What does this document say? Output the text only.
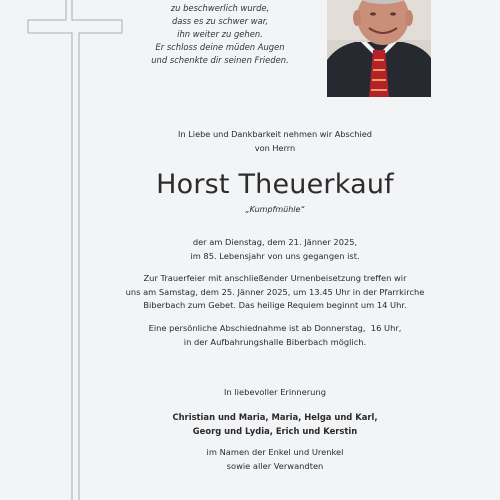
zu beschwerlich wurde,
dass es zu schwer war,
ihn weiter zu gehen.
Er schloss deine müden Augen
und schenkte dir seinen Frieden.
In Liebe und Dankbarkeit nehmen wir Abschied
von Herrn
Horst Theuerkauf
„Kumpfmühle“
der am Dienstag, dem 21. Jänner 2025,
im 85. Lebensjahr von uns gegangen ist.
Zur Trauerfeier mit anschließender Urnenbeisetzung treffen wir
uns am Samstag, dem 25. Jänner 2025, um 13.45 Uhr in der Pfarrkirche
Biberbach zum Gebet. Das heilige Requiem beginnt um 14 Uhr.
Eine persönliche Abschiednahme ist ab Donnerstag,  16 Uhr,
in der Aufbahrungshalle Biberbach möglich.
In liebevoller Erinnerung
Christian und Maria, Maria, Helga und Karl,
Georg und Lydia, Erich und Kerstin
im Namen der Enkel und Urenkel
sowie aller Verwandten
